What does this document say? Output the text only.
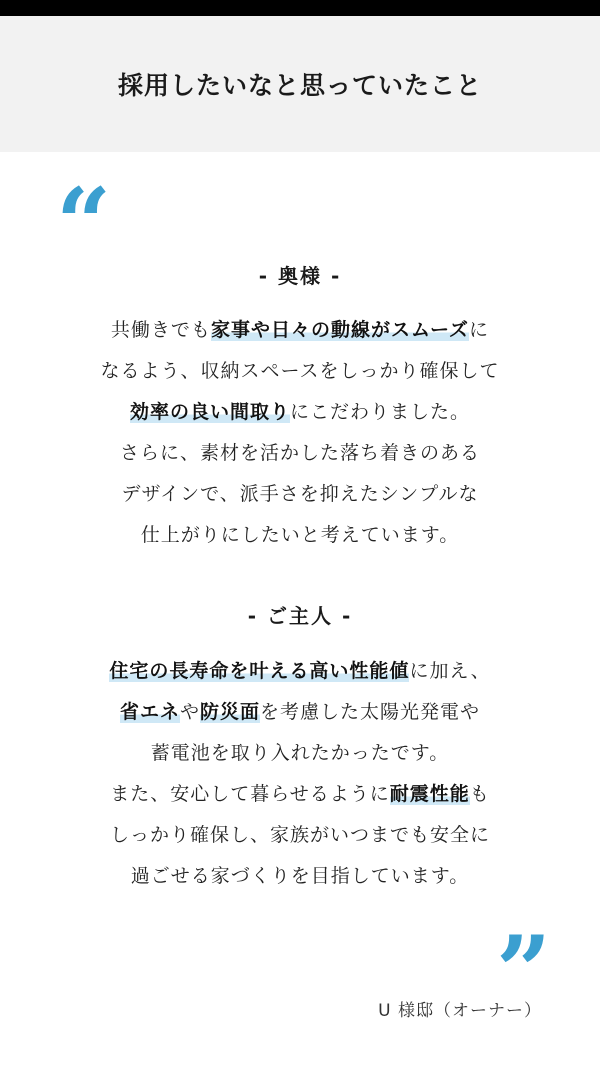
採用したいなと思っていたこと
“	- 奥様 -
共働きでも家事や日々の動線がスムーズに
なるよう、収納スペースをしっかり確保して
効率の良い間取りにこだわりました。
さらに、素材を活かした落ち着きのある
デザインで、派手さを抑えたシンプルな
仕上がりにしたいと考えています。
- ご主人 -
住宅の長寿命を叶える高い性能値に加え、
省エネや防災面を考慮した太陽光発電や
蓄電池を取り入れたかったです。
また、安心して暮らせるように耐震性能も
しっかり確保し、家族がいつまでも安全に
過ごせる家づくりを目指しています。
”
U 様邸（オーナー）
